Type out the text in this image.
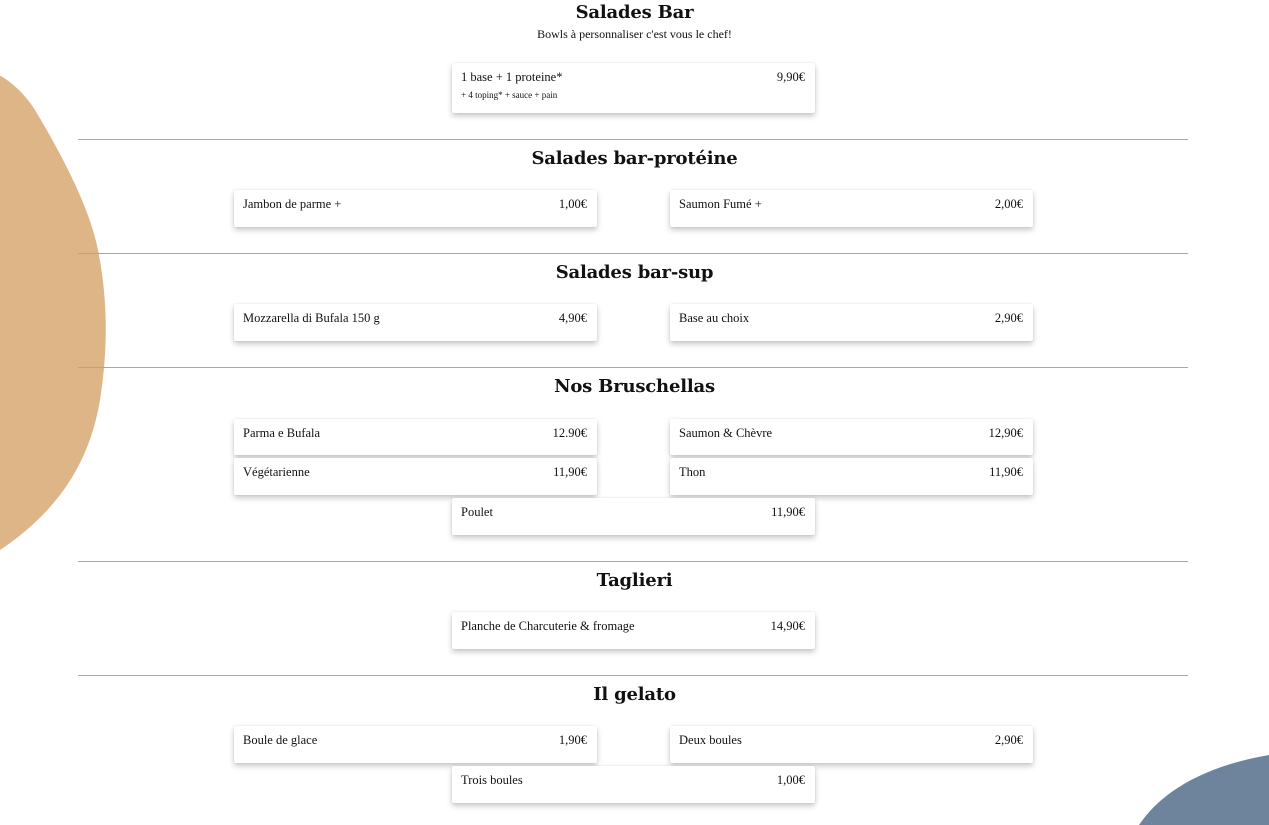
Salades Bar
Bowls à personnaliser c'est vous le chef!
1 base + 1 proteine*	9,90€
+ 4 toping* + sauce + pain
Salades bar-protéine
Jambon de parme +	1,00€	Saumon Fumé +	2,00€
Salades bar-sup
Mozzarella di Bufala 150 g	4,90€	Base au choix	2,90€
Nos Bruschellas
Parma e Bufala	12.90€	Saumon & Chèvre	12,90€
Végétarienne	11,90€	Thon	11,90€
Poulet	11,90€
Taglieri
Planche de Charcuterie & fromage	14,90€
Il gelato
Boule de glace	1,90€	Deux boules	2,90€
Trois boules	1,00€
